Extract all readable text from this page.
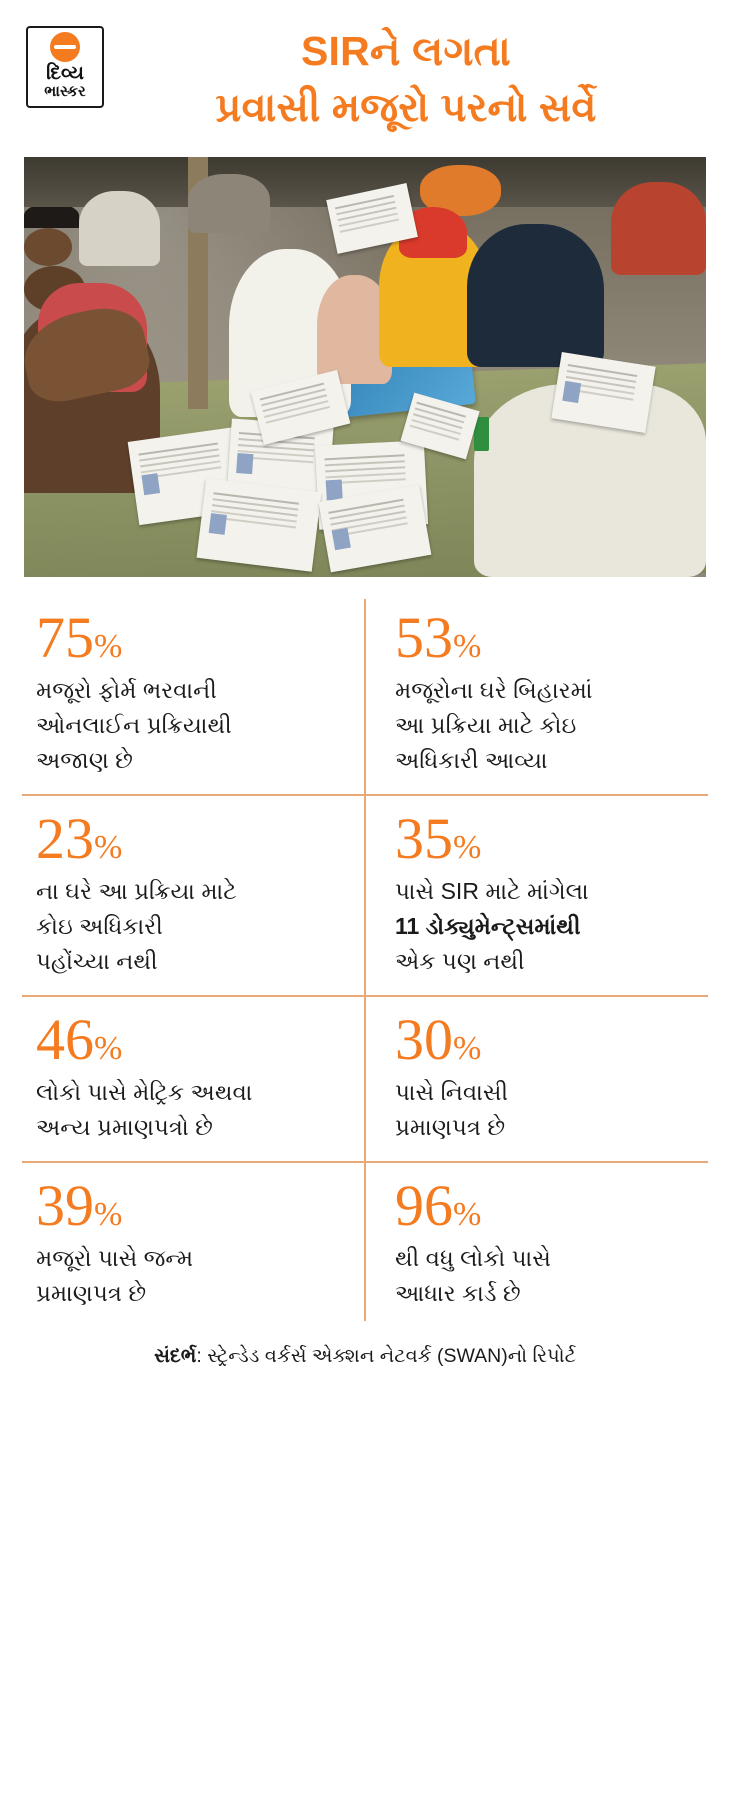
દિવ્ય
ભાસ્કર
SIRને લગતા
પ્રવાસી મજૂરો પરનો સર્વે
75%
મજૂરો ફોર્મ ભરવાની
ઓનલાઈન પ્રક્રિયાથી
અજાણ છે
53%
મજૂરોના ઘરે બિહારમાં
આ પ્રક્રિયા માટે કોઇ
અધિકારી આવ્યા
23%
ના ઘરે આ પ્રક્રિયા માટે
કોઇ અધિકારી
પહોંચ્યા નથી
35%
પાસે SIR માટે માંગેલા
11 ડોક્યુમેન્ટ્સમાંથી
એક પણ નથી
46%
લોકો પાસે મેટ્રિક અથવા
અન્ય પ્રમાણપત્રો છે
30%
પાસે નિવાસી
પ્રમાણપત્ર છે
39%
મજૂરો પાસે જન્મ
પ્રમાણપત્ર છે
96%
થી વધુ લોકો પાસે
આધાર કાર્ડ છે
સંદર્ભ: સ્ટ્રેન્ડેડ વર્કર્સ એક્શન નેટવર્ક (SWAN)નો રિપોર્ટ
